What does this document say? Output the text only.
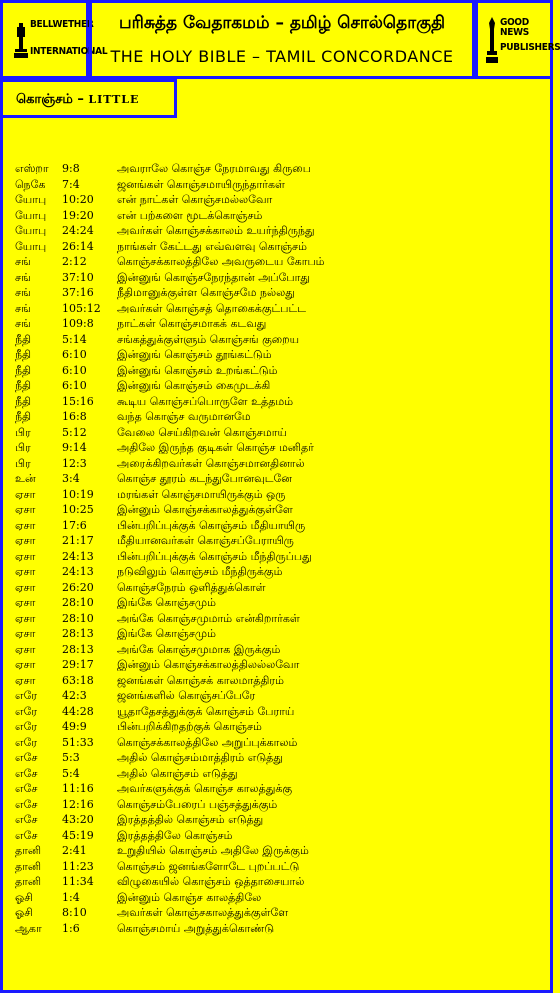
BELLWETHER
INTERNATIONAL
பரிசுத்த வேதாகமம் – தமிழ் சொல்தொகுதி
THE HOLY BIBLE – TAMIL CONCORDANCE
GOOD NEWS
PUBLISHERS
கொஞ்சம் – LITTLE
எஸ்றா 9:8	அவராலே கொஞ்ச நேரமாவது கிருபை
நெகே 7:4	ஜனங்கள் கொஞ்சமாயிருந்தார்கள்
யோபு 10:20 என் நாட்கள் கொஞ்சமல்லவோ
யோபு 19:20 என் பற்களை மூடக்கொஞ்சம்
யோபு 24:24 அவர்கள் கொஞ்சக்காலம் உயர்ந்திருந்து
யோபு 26:14 நாங்கள் கேட்டது எவ்வளவு கொஞ்சம்
சங்	2:12	கொஞ்சக்காலத்திலே அவருடைய கோபம்
சங்	37:10 இன்னுங் கொஞ்சநேரந்தான் அப்போது
சங்	37:16 நீதிமானுக்குள்ள கொஞ்சமே நல்லது
சங்	105:12 அவர்கள் கொஞ்சத் தொகைக்குட்பட்ட
சங்	109:8 நாட்கள் கொஞ்சமாகக் கடவது
நீதி	5:14	சங்கத்துக்குள்ளும் கொஞ்சங் குறைய
நீதி	6:10	இன்னுங் கொஞ்சம் தூங்கட்டும்
நீதி	6:10	இன்னுங் கொஞ்சம் உறங்கட்டும்
நீதி	6:10	இன்னுங் கொஞ்சம் கைமுடக்கி
நீதி	15:16 கூடிய கொஞ்சப்பொருளே உத்தமம்
நீதி	16:8	வந்த கொஞ்ச வருமானமே
பிர	5:12	வேலை செய்கிறவன் கொஞ்சமாய்
பிர	9:14	அதிலே இருந்த குடிகள் கொஞ்ச மனிதர்
பிர	12:3	அரைக்கிறவர்கள் கொஞ்சமானதினால்
உன் 3:4	கொஞ்ச தூரம் கடந்துபோனவுடனே
ஏசா 10:19 மரங்கள் கொஞ்சமாயிருக்கும் ஒரு
ஏசா 10:25 இன்னும் கொஞ்சக்காலத்துக்குள்ளே
ஏசா 17:6	பின்பறிப்புக்குக் கொஞ்சம் மீதியாயிரு
ஏசா 21:17 மீதியானவர்கள் கொஞ்சப்பேராயிரு
ஏசா 24:13 பின்பறிப்புக்குக் கொஞ்சம் மீந்திருப்பது
ஏசா 24:13 நடுவிலும் கொஞ்சம் மீந்திருக்கும்
ஏசா 26:20 கொஞ்சநேரம் ஒளித்துக்கொள்
ஏசா 28:10 இங்கே கொஞ்சமும்
ஏசா 28:10 அங்கே கொஞ்சமுமாம் என்கிறார்கள்
ஏசா 28:13 இங்கே கொஞ்சமும்
ஏசா 28:13 அங்கே கொஞ்சமுமாக இருக்கும்
ஏசா 29:17 இன்னும் கொஞ்சக்காலத்திலல்லவோ
ஏசா 63:18 ஜனங்கள் கொஞ்சக் காலமாத்திரம்
எரே 42:3	ஜனங்களில் கொஞ்சப்பேரே
எரே 44:28 யூதாதேசத்துக்குக் கொஞ்சம் பேராய்
எரே 49:9	பின்பறிக்கிறதற்குக் கொஞ்சம்
எரே 51:33 கொஞ்சக்காலத்திலே அறுப்புக்காலம்
எசே 5:3	அதில் கொஞ்சம்மாத்திரம் எடுத்து
எசே 5:4	அதில் கொஞ்சம் எடுத்து
எசே 11:16 அவர்களுக்குக் கொஞ்ச காலத்துக்கு
எசே 12:16 கொஞ்சம்பேரைப் பஞ்சத்துக்கும்
எசே 43:20 இரத்தத்தில் கொஞ்சம் எடுத்து
எசே 45:19 இரத்தத்திலே கொஞ்சம்
தானி 2:41	உறுதியில் கொஞ்சம் அதிலே இருக்கும்
தானி 11:23 கொஞ்சம் ஜனங்களோடே புறப்பட்டு
தானி 11:34 விழுகையில் கொஞ்சம் ஒத்தாசையால்
ஓசி	1:4	இன்னும் கொஞ்ச காலத்திலே
ஓசி	8:10	அவர்கள் கொஞ்சகாலத்துக்குள்ளே
ஆகா 1:6	கொஞ்சமாய் அறுத்துக்கொண்டு
